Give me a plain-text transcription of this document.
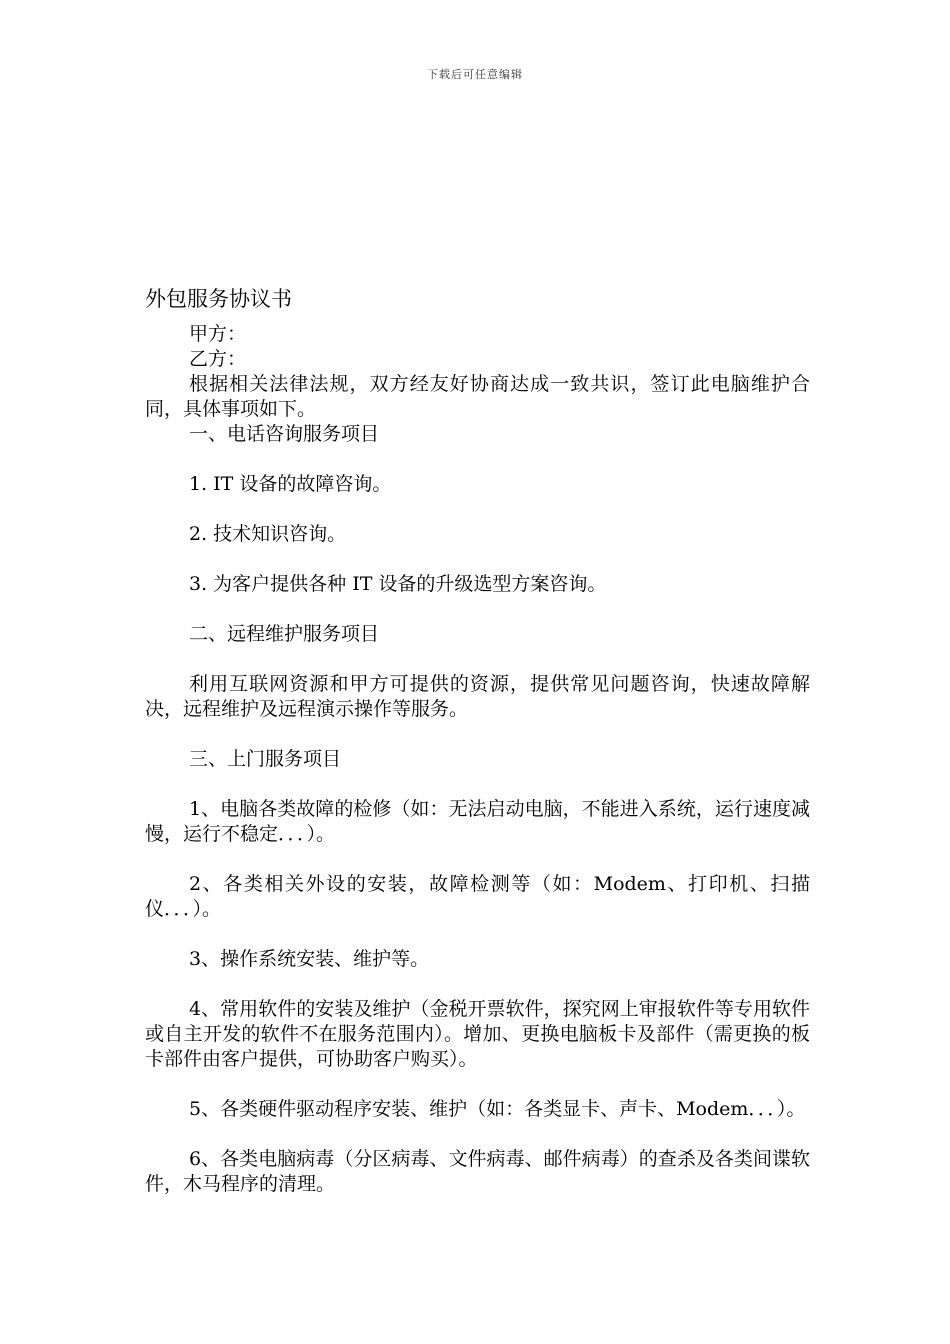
下载后可任意编辑
外包服务协议书

甲方：

乙方：

根据相关法律法规，双方经友好协商达成一致共识，签订此电脑维护合同，具体事项如下。

一、电话咨询服务项目

1. IT 设备的故障咨询。

2. 技术知识咨询。

3. 为客户提供各种 IT 设备的升级选型方案咨询。

二、远程维护服务项目

利用互联网资源和甲方可提供的资源，提供常见问题咨询，快速故障解决，远程维护及远程演示操作等服务。

三、上门服务项目

1、电脑各类故障的检修（如：无法启动电脑，不能进入系统，运行速度减慢，运行不稳定．．．）。

2、各类相关外设的安装，故障检测等（如：Modem、打印机、扫描仪．．．）。

3、操作系统安装、维护等。

4、常用软件的安装及维护（金税开票软件，探究网上审报软件等专用软件或自主开发的软件不在服务范围内）。增加、更换电脑板卡及部件（需更换的板卡部件由客户提供，可协助客户购买）。

5、各类硬件驱动程序安装、维护（如：各类显卡、声卡、Modem．．．）。

6、各类电脑病毒（分区病毒、文件病毒、邮件病毒）的查杀及各类间谍软件，木马程序的清理。
